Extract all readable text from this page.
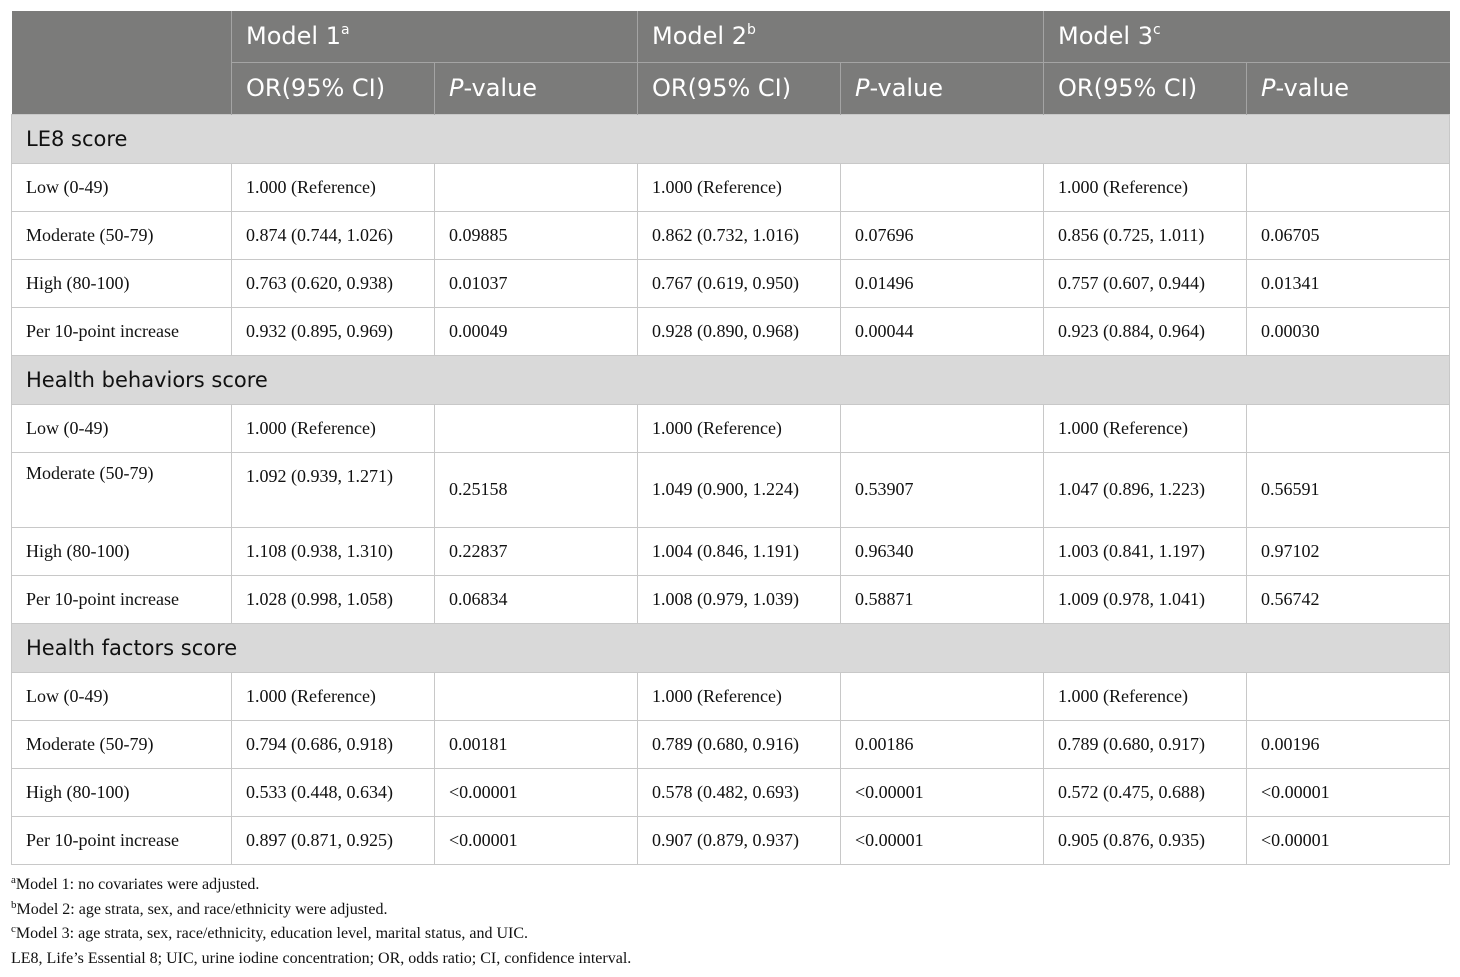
	Model 1$^a$		Model 2$^b$		Model 3$^c$
	OR(95% CI)	P-value	OR(95% CI)	P-value	OR(95% CI)	P-value
LE8 score						
Low (0-49)	1.000 (Reference)		1.000 (Reference)		1.000 (Reference)	
Moderate (50-79)	0.874 (0.744, 1.026)	0.09885	0.862 (0.732, 1.016)	0.07696	0.856 (0.725, 1.011)	0.06705
High (80-100)	0.763 (0.620, 0.938)	0.01037	0.767 (0.619, 0.950)	0.01496	0.757 (0.607, 0.944)	0.01341
Per 10-point increase	0.932 (0.895, 0.969)	0.00049	0.928 (0.890, 0.968)	0.00044	0.923 (0.884, 0.964)	0.00030
Health behaviors score						
Low (0-49)	1.000 (Reference)		1.000 (Reference)		1.000 (Reference)	
Moderate (50-79)	1.092 (0.939, 1.271)	0.25158	1.049 (0.900, 1.224)	0.53907	1.047 (0.896, 1.223)	0.56591
High (80-100)	1.108 (0.938, 1.310)	0.22837	1.004 (0.846, 1.191)	0.96340	1.003 (0.841, 1.197)	0.97102
Per 10-point increase	1.028 (0.998, 1.058)	0.06834	1.008 (0.979, 1.039)	0.58871	1.009 (0.978, 1.041)	0.56742
Health factors score						
Low (0-49)	1.000 (Reference)		1.000 (Reference)		1.000 (Reference)	
Moderate (50-79)	0.794 (0.686, 0.918)	0.00181	0.789 (0.680, 0.916)	0.00186	0.789 (0.680, 0.917)	0.00196
High (80-100)	0.533 (0.448, 0.634)	<0.00001	0.578 (0.482, 0.693)	<0.00001	0.572 (0.475, 0.688)	<0.00001
Per 10-point increase	0.897 (0.871, 0.925)	<0.00001	0.907 (0.879, 0.937)	<0.00001	0.905 (0.876, 0.935)	<0.00001
$^a$Model 1: no covariates were adjusted.
$^b$Model 2: age strata, sex, and race/ethnicity were adjusted.
$^c$Model 3: age strata, sex, race/ethnicity, education level, marital status, and UIC.
LE8, Life’s Essential 8; UIC, urine iodine concentration; OR, odds ratio; CI, confidence interval.
